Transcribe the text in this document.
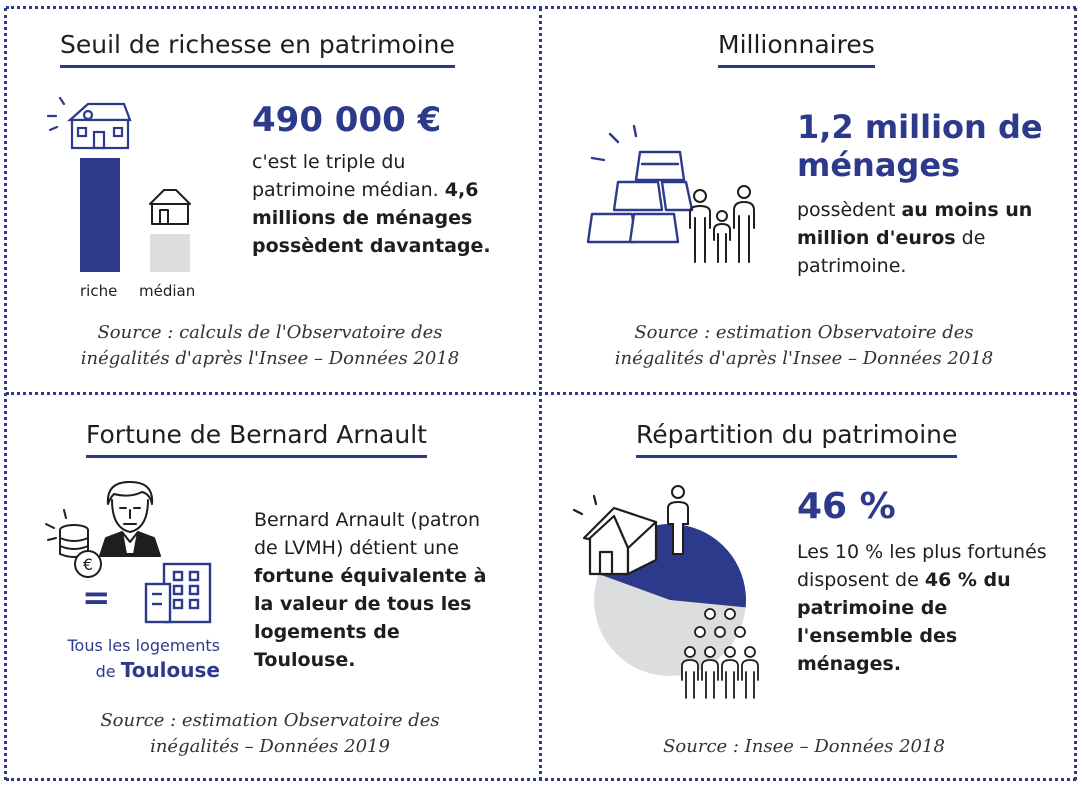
Seuil de richesse en patrimoine
riche médian
490 000 €
c'est le triple du patrimoine médian. 4,6 millions de ménages possèdent davantage.
Source : calculs de l'Observatoire des
inégalités d'après l'Insee – Données 2018
Millionnaires
1,2 million de
ménages
possèdent au moins un million d'euros de patrimoine.
Source : estimation Observatoire des
inégalités d'après l'Insee – Données 2018
Fortune de Bernard Arnault
€
=
Tous les logements
de Toulouse
Bernard Arnault (patron de LVMH) détient une fortune équivalente à la valeur de tous les logements de Toulouse.
Source : estimation Observatoire des
inégalités – Données 2019
Répartition du patrimoine
46 %
Les 10 % les plus fortunés disposent de 46 % du patrimoine de l'ensemble des ménages.
Source : Insee – Données 2018
